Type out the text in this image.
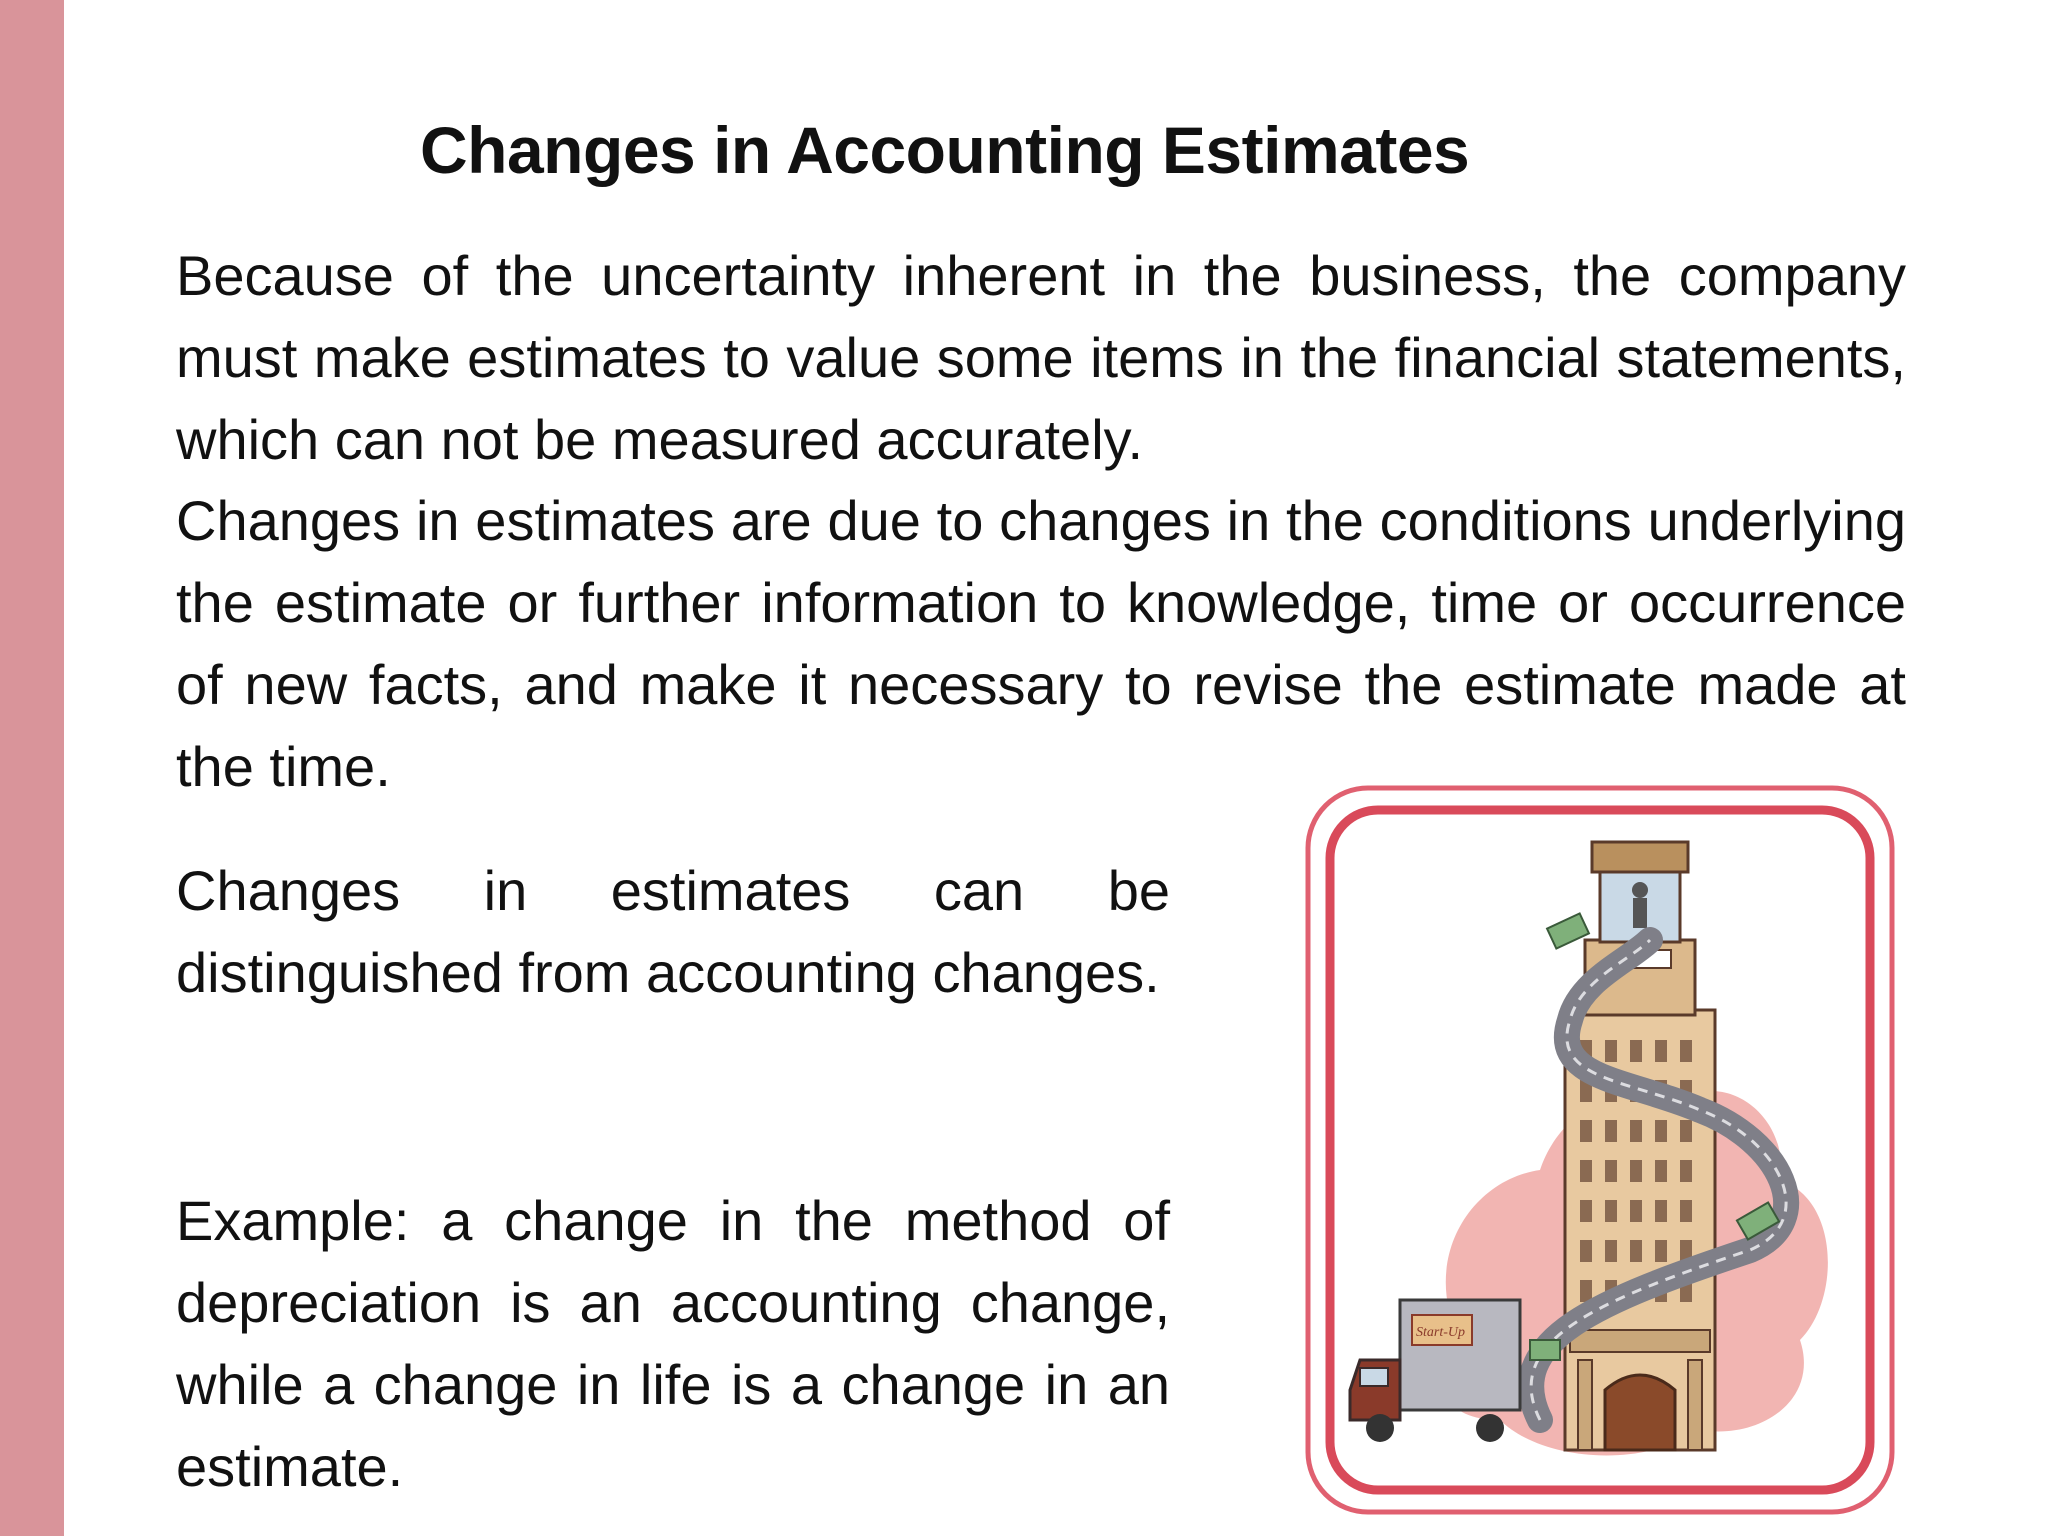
Changes in Accounting Estimates

Because of the uncertainty inherent in the business, the company must make estimates to value some items in the financial statements, which can not be measured accurately.

Changes in estimates are due to changes in the conditions underlying the estimate or further information to knowledge, time or occurrence of new facts, and make it necessary to revise the estimate made at the time.

Changes in estimates can be distinguished from accounting changes.

Example: a change in the method of depreciation is an accounting change, while a change in life is a change in an estimate.

Start-Up
